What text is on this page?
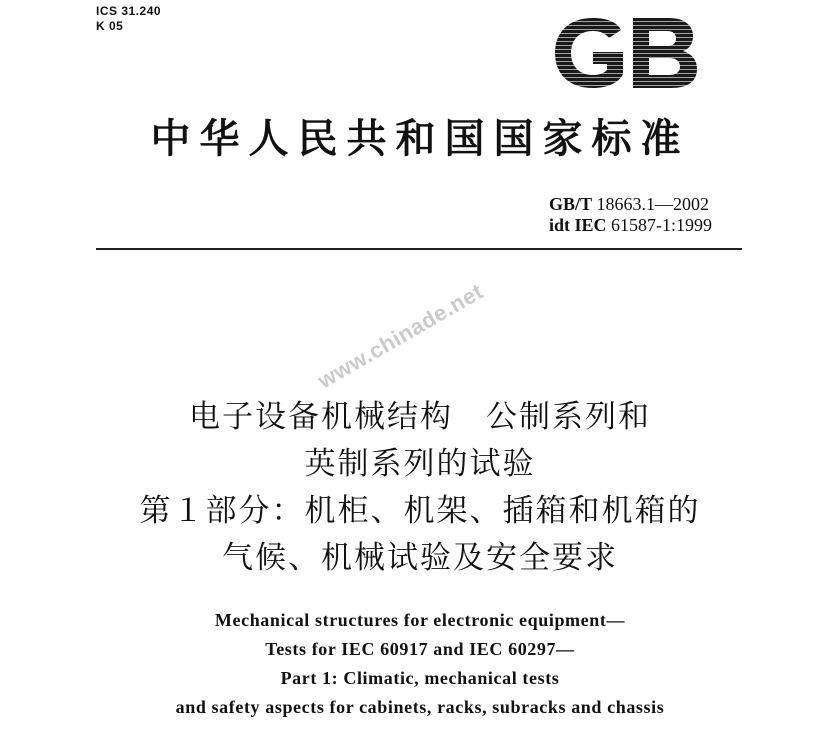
ICS 31.240
K 05
中华人民共和国国家标准
GB/T 18663.1—2002
idt IEC 61587-1:1999
www.chinade.net
电子设备机械结构　公制系列和
英制系列的试验
第１部分：机柜、机架、插箱和机箱的
气候、机械试验及安全要求
Mechanical structures for electronic equipment—
Tests for IEC 60917 and IEC 60297—
Part 1: Climatic, mechanical tests
and safety aspects for cabinets, racks, subracks and chassis
